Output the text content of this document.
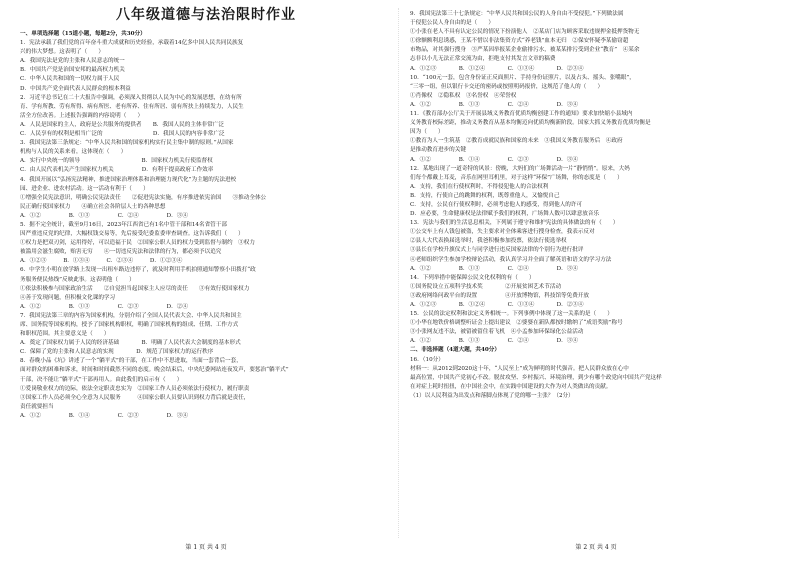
八年级道德与法治限时作业
一、单项选择题（15道小题，每题2分，共30分）
1．宪法承载了我们党的百年奋斗重大成就和历史经验，承载着14亿多中国人民共同民族复
兴的伟大梦想。这表明了（　　）
A．我国宪法是党的主张和人民意志的统一
B．中国共产党是治国安邦的最高权力机关
C．中华人民共和国的一切权力属于人民
D．中国共产党全面代表人民群众的根本利益
2．习近平总书记在二十大报告中强调，必须深入贯彻以人民为中心的发展思想，在幼有所
育、学有所教、劳有所得、病有所医、老有所养、住有所居、弱有所扶上持续发力，人民生
活全方位改善。上述报告强调的内容说明（　　）
A．人民是国家的主人，政府是公共服务的提供者　　B．我国人民的主体非常广泛
C．人民享有的权利是相当广泛的　　　　　　　　　D．我国人民的内容非常广泛
3．我国宪法第三条规定：“中华人民共和国的国家机构实行民主集中制的原则。”从国家
机构与人民的关系来看，这体现在（　　）
A．实行中央统一的领导　　　　　　　　　　　B．国家权力机关行使监督权
C．由人民代表机关产生国家权力机关　　　　　D．有利于提高政府工作效率
4．我国开展以“弘扬宪法精神，推进国家治理体系和治理能力现代化”为主题的宪法进校
园、进企业、进农村活动。这一活动有利于（　　）
①增强全民宪法意识，明确公民宪法责任　　②促进宪法实施，有序推进依宪治国　　③推动全体公
民正确行使国家权力　　④确立社会各阶层人士的各种思想
A．①②　　　　　B．①③　　　　　C．②④　　　　　D．③④
5．据不完全统计，截至9月16日，2023年江西省已有1名中管干部和14名省管干部
因严重违反党的纪律，大幅权钱交易等，先后接受纪委监委审查调查。这告诉我们（　　）
①权力是把双刃剑，运用得好，可以造福于民　②国家公职人员的权力受到监督与制约　③权力
被滥用会滋生腐败，贻害无穷　　④一切违反宪法和法律的行为，都必须予以追究
A．①②③　　　B．①③④　　　C．②③④　　　D．①②③④
6．中学生小明在放学路上发现一出租车路边违停了，就及时利用手机拍照通知警察小田拨打“政
务服务便民热线”反映此事。这表明他（　　）
①依法积极参与国家政治生活　　②自觉担当起国家主人应尽的责任　　③有效行使国家权力
④善于发现问题，但积极文化课的学习
A．①②　　　　　B．①③　　　　　C．②③　　　　　D．②④
7．我国宪法第三章的内容为国家机构，分别介绍了全国人民代表大会、中华人民共和国主
席、国务院等国家机构，授予了国家机构职权，明确了国家机构的组成、任期、工作方式
和职权范围。其主要意义是（　　）
A．奠定了国家权力属于人民的经济基础　　　　B．明确了人民代表大会制度的基本形式
C．保障了党的主张和人民意志的实现　　　　D．规范了国家权力的运行秩序
8．春晚小品《坑》讲述了一个“躺平式”的干部，在工作中不思进取，当面一套背后一套，
面对群众的困难和诉求，时间和时间截然不同的态度。晚会结束后，中央纪委网站连夜发声，要惩治“躺平式”
干部，决不能让“躺平式”干部再用人。由此我们的启示有（　　）
①爱岗敬业权力的边际，依法全定职责忠实为　②国家工作人员必须依法行使权力，履行职责
③国家工作人员必须全心全意为人民服务　　　④国家公职人员要认识到权力背后就是责任，
责任就要担当
A．①②　　　　　B．①④　　　　　C．②③　　　　　D．③④
9．我国宪法第三十七条规定：“中华人民共和国公民的人身自由不受侵犯。”下列做法属
于侵犯公民人身自由的是（　　）
①小张在老人不具有认定公民的情况下扮演他人　②某店门店为顾客采取违规押金抵押货物无
①徐额额利息诱惑，王某不惜以非法集资方式“养老钱”血本无归　②保安怀疑李某偷窃超
市物品，对其强行搜身　③严某因举报某企业偷排污水，被某某排污受到企业“教育”　④某余
志非以小儿无法正常交流为由，拒绝支付其发言文章的稿费
A．①②③　　　　B．①②④　　　　C．①③④　　　　D．②③④
10．“100元一套，包含身份证正反面照片、手持身份证照片，以及占头、摇头、张嘴眼”，
“三零一组，但以银行卡交还的密码或按照明码报价，这规范了他人的（　　）
①肖像权　②隐私权　③名誉权　④荣誉权
A．①②　　　　　B．①③　　　　　C．②④　　　　　D．③④
11．《教育部办公厅关于开展县域义务教育优质均衡创建工作的通知》要求加快缩小县域内
义务教育校际差距，推动义务教育从基本均衡迈向优质均衡新阶段。国家大抓义务教育优质均衡是
因为（　　）
①教育为人一生筑基　②教育成就民族和国家的未来　③我国义务教育服务后　④政府
是推动教育进步的关键
A．①②　　　　　B．①④　　　　　C．②③　　　　　D．③④
12．某地出现了一道奇特的风景：傍晚，大妈们的广场舞活动一片“静悄悄”。原来，大妈
们每个都戴上耳麦，音乐在网里耳机里，对于这样“环保”广场舞，你的态度是（　　）
A．支持，我们在行使权利时，不得侵犯他人的合法权利
B．支持，行使自己的跳舞的权利，既尊重他人，又愉悦自己
C．支持，公民在行使权利时，必须考虑他人的感受，得到他人的许可
D．应必要，生命健康权是法律赋予我们的权利，广场舞人数可以肆意放音乐
13．宪法与我们的生活息息相关，下列属于遵守和维护宪法的具体做法的有（　　）
①公交车上有人钱包被盗，失主要求对全体乘客进行搜身检查，我表示反对
②县人大代表换届选举时，我爸积极参加投票，依法行使选举权
③县长在学校升旗仪式上与同学进行违反国家法律的个别行为进行批评
④老师组织学生参加学校辩论活动，我认真学习并全面了解英语和语文的学习方法
A．①②　　　　　B．①③　　　　　C．②④　　　　　D．③④
14．下列举措中能保障公民文化权利的有（　　）
①国务院设立五项科学技术奖　　　　②开展贫困艺术节活动
③政府网络问政平台的设置　　　　　④开放博物馆，科技馆等免费开放
A．①②③　　　　B．①②④　　　　C．①③④　　　　D．②③④
15．公民的法定权利和法定义务相统一。下列事例中体现了这一关系的是（　　）
①小华在地铁价格调整听证会上提出建议　②婆婆在新队都按时缴纳了“成语奖励”称号
③小张网友违不法，被留被留住着飞机　④小孟参加环保绿化公益活动
A．①②　　　　　B．①③　　　　　C．②④　　　　　D．③④
二、非选择题（4道大题，共40分）
16．（10分）
材料一：从2012到2020这十年，“人民至上”成为鲜明的时代强音。把人民群众放在心中
最高位置，中国共产党初心不改。脱贫攻坚、乡村振兴、环境治理，到少有哪个政党向中国共产党这样
在对症上耗时扭扭，在中国社会中，在实践中国建设的大作为对人类做出的贡献。
（1）以人民利益为出发点和落脚点体现了党的哪一主张？（2分）
第 1 页 共 4 页	第 2 页 共 4 页
